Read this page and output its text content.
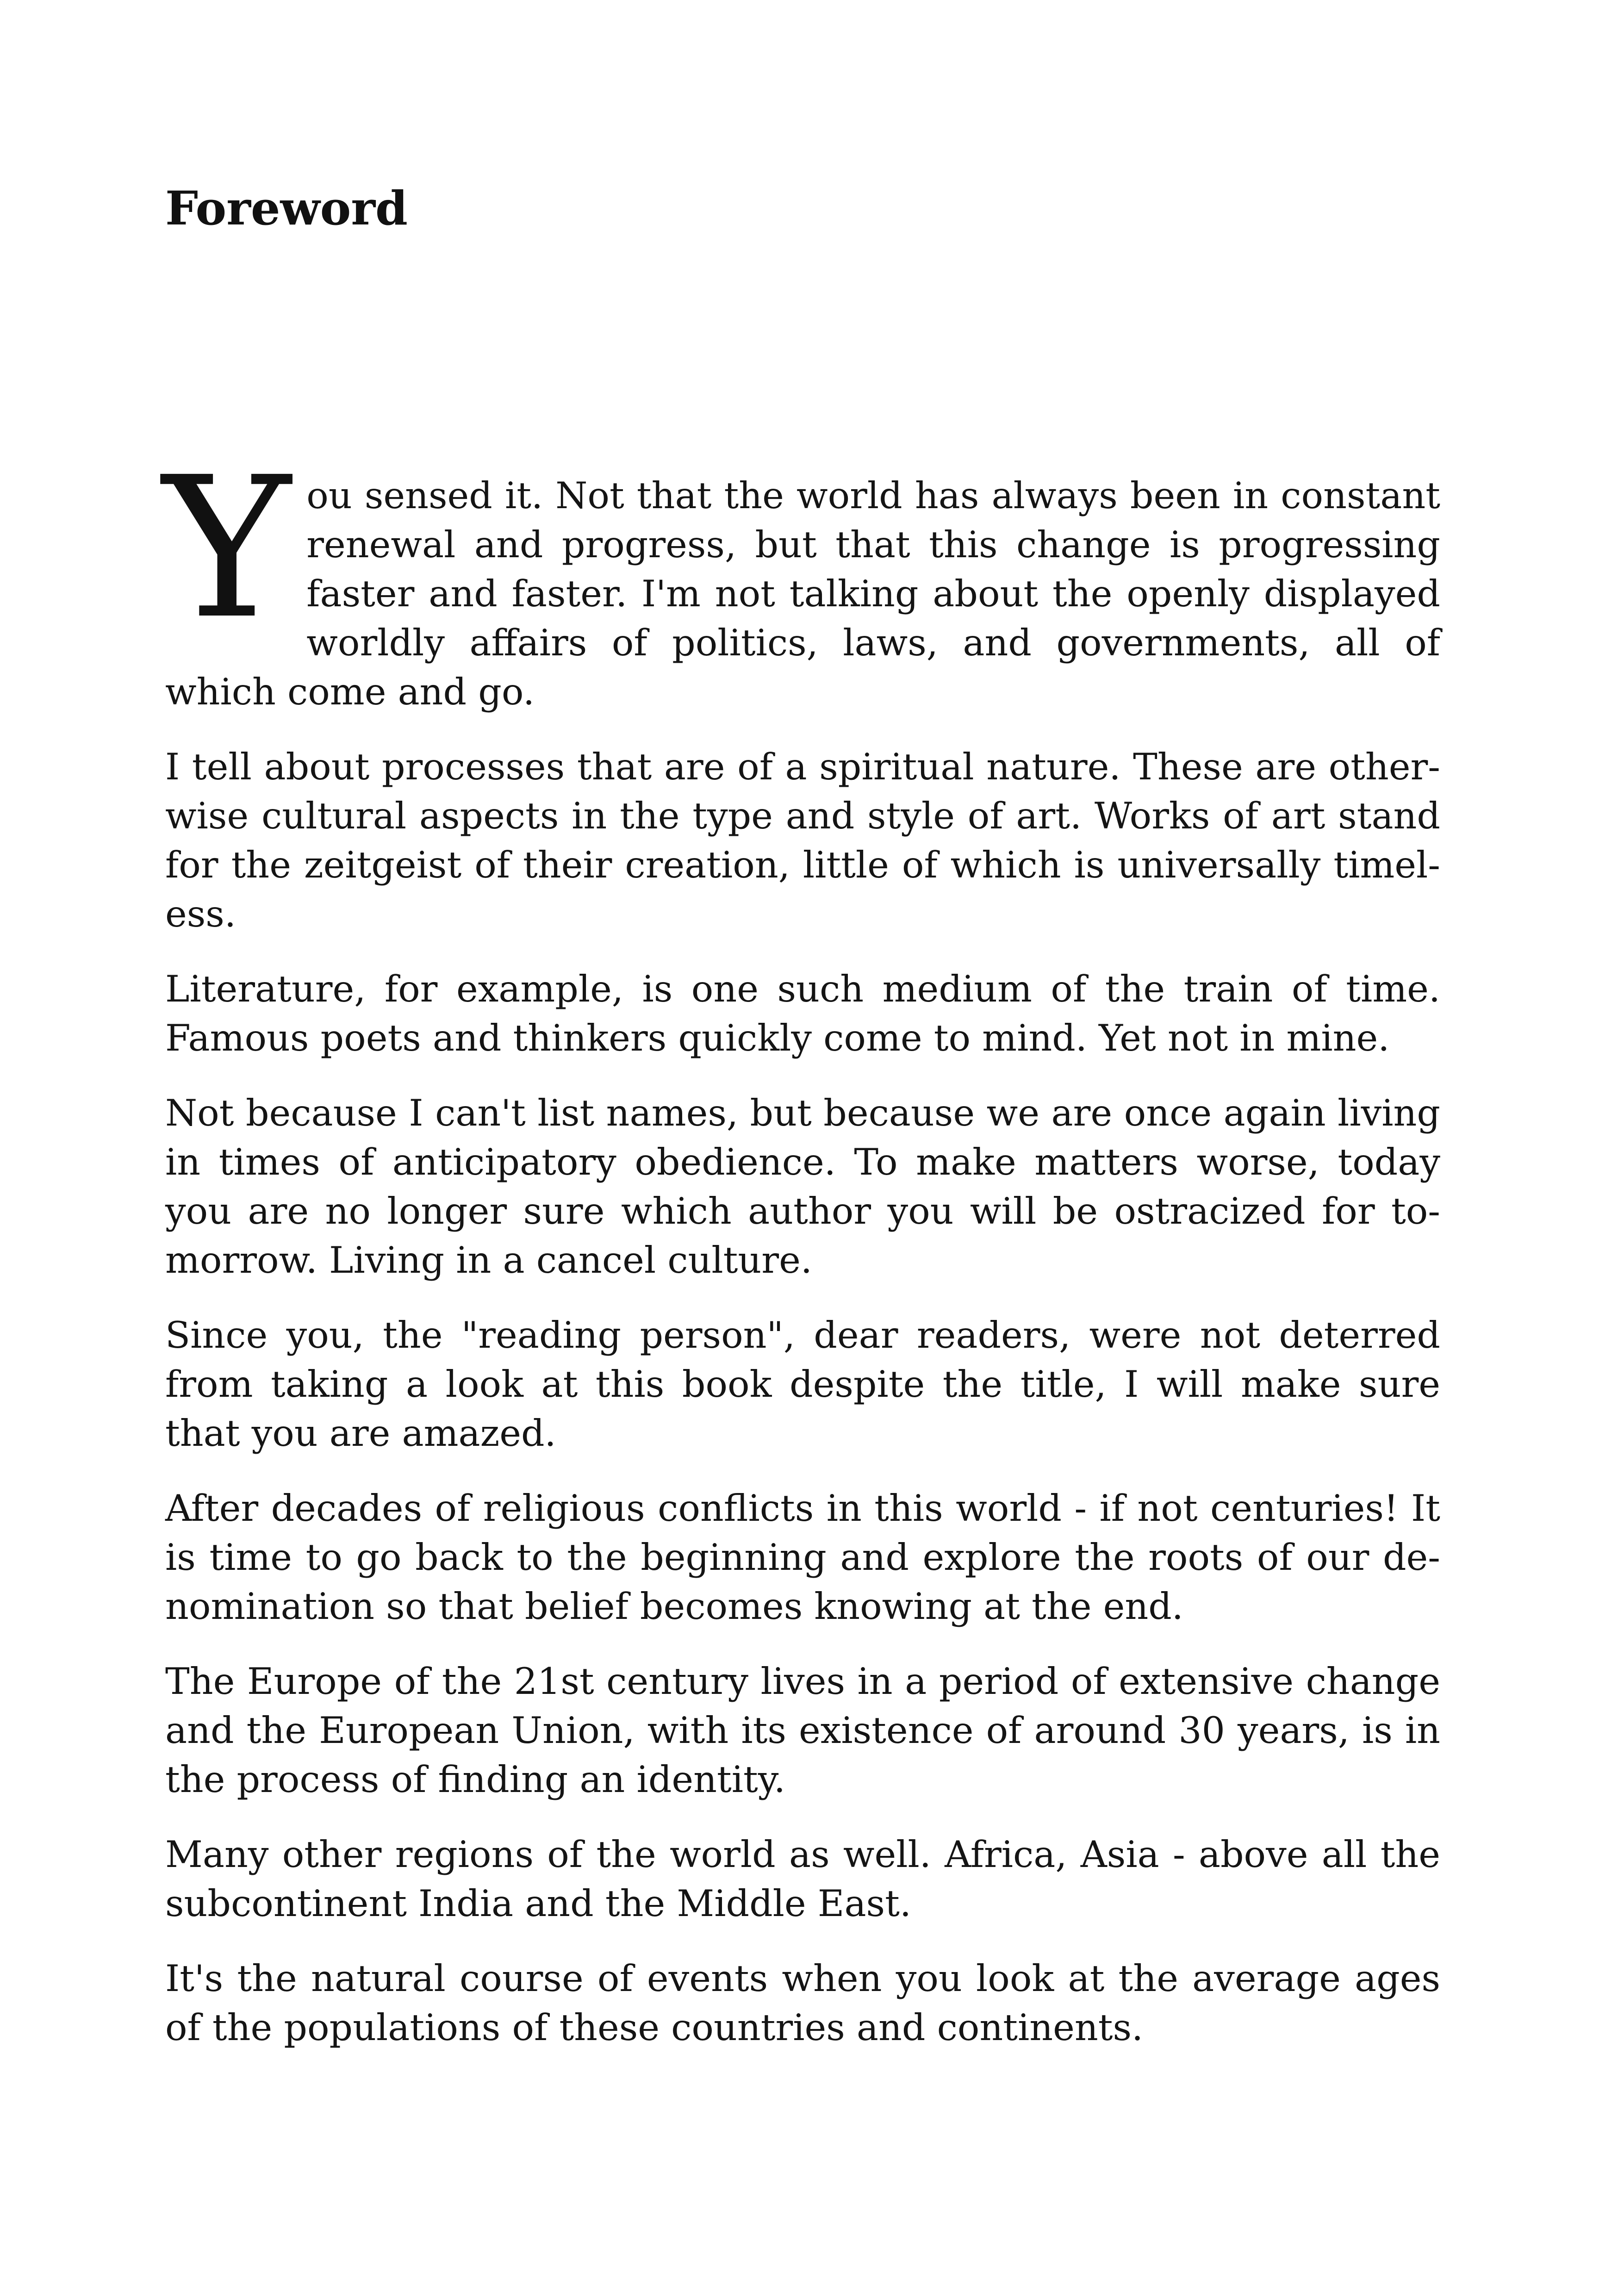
Foreword

You sensed it. Not that the world has always been in constant renewal and progress, but that this change is progressing faster and faster. I'm not talking about the openly displayed worldly affairs of politics, laws, and governments, all of which come and go.

I tell about processes that are of a spiritual nature. These are otherwise cultural aspects in the type and style of art. Works of art stand for the zeitgeist of their creation, little of which is universally timeless.

Literature, for example, is one such medium of the train of time. Famous poets and thinkers quickly come to mind. Yet not in mine.

Not because I can't list names, but because we are once again living in times of anticipatory obedience. To make matters worse, today you are no longer sure which author you will be ostracized for tomorrow. Living in a cancel culture.

Since you, the "reading person", dear readers, were not deterred from taking a look at this book despite the title, I will make sure that you are amazed.

After decades of religious conflicts in this world - if not centuries! It is time to go back to the beginning and explore the roots of our denomination so that belief becomes knowing at the end.

The Europe of the 21st century lives in a period of extensive change and the European Union, with its existence of around 30 years, is in the process of finding an identity.

Many other regions of the world as well. Africa, Asia - above all the subcontinent India and the Middle East.

It's the natural course of events when you look at the average ages of the populations of these countries and continents.
